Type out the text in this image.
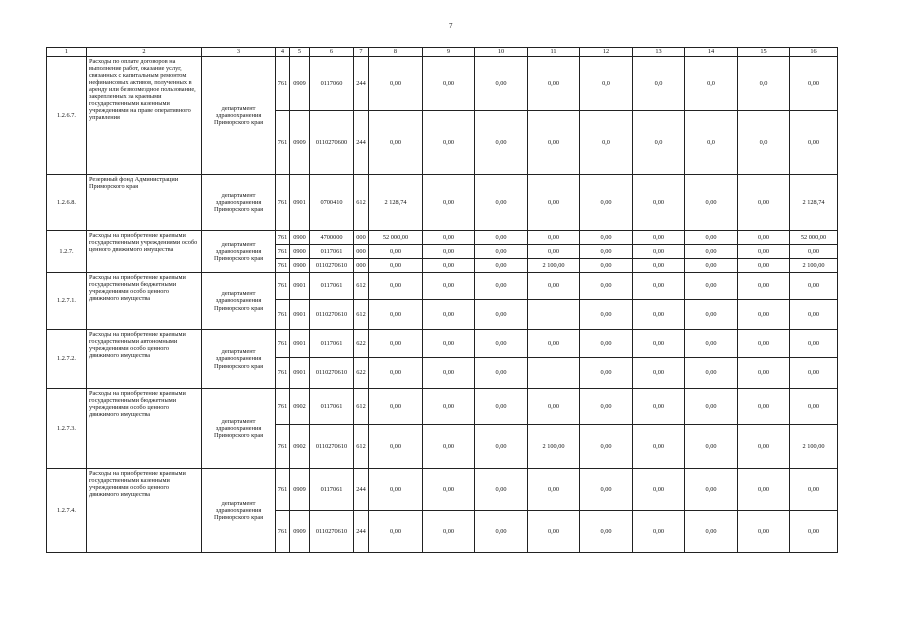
7
1	2	3	4	5	6	7	8	9	10	11	12	13	14	15	16
1.2.6.7.	Расходы по оплате договоров на выполнение работ, оказание услуг, связанных с капитальным ремонтом нефинансовых активов, полученных в аренду или безвозмездное пользование, закрепленных за краевыми государственными казенными учреждениями на праве оперативного управления	департамент здравоохранения Приморского края	761	0909	0117060	244	0,00	0,00	0,00	0,00	0,0	0,0	0,0	0,0	0,00
			761	0909	0110270600	244	0,00	0,00	0,00	0,00	0,0	0,0	0,0	0,0	0,00
1.2.6.8.	Резервный фонд Администрации Приморского края	департамент здравоохранения Приморского края	761	0901	0700410	612	2 128,74	0,00	0,00	0,00	0,00	0,00	0,00	0,00	2 128,74
1.2.7.	Расходы на приобретение краевыми государственными учреждениями особо ценного движимого имущества	департамент здравоохранения Приморского края	761	0900	4700000	000	52 000,00	0,00	0,00	0,00	0,00	0,00	0,00	0,00	52 000,00
			761	0900	0117061	000	0,00	0,00	0,00	0,00	0,00	0,00	0,00	0,00	0,00
			761	0900	0110270610	000	0,00	0,00	0,00	2 100,00	0,00	0,00	0,00	0,00	2 100,00
1.2.7.1.	Расходы на приобретение краевыми государственными бюджетными учреждениями особо ценного движимого имущества	департамент здравоохранения Приморского края	761	0901	0117061	612	0,00	0,00	0,00	0,00	0,00	0,00	0,00	0,00	0,00
			761	0901	0110270610	612	0,00	0,00	0,00		0,00	0,00	0,00	0,00	0,00
1.2.7.2.	Расходы на приобретение краевыми государственными автономными учреждениями особо ценного движимого имущества	департамент здравоохранения Приморского края	761	0901	0117061	622	0,00	0,00	0,00	0,00	0,00	0,00	0,00	0,00	0,00
			761	0901	0110270610	622	0,00	0,00	0,00		0,00	0,00	0,00	0,00	0,00
1.2.7.3.	Расходы на приобретение краевыми государственными бюджетными учреждениями особо ценного движимого имущества	департамент здравоохранения Приморского края	761	0902	0117061	612	0,00	0,00	0,00	0,00	0,00	0,00	0,00	0,00	0,00
			761	0902	0110270610	612	0,00	0,00	0,00	2 100,00	0,00	0,00	0,00	0,00	2 100,00
1.2.7.4.	Расходы на приобретение краевыми государственными казенными учреждениями особо ценного движимого имущества	департамент здравоохранения Приморского края	761	0909	0117061	244	0,00	0,00	0,00	0,00	0,00	0,00	0,00	0,00	0,00
			761	0909	0110270610	244	0,00	0,00	0,00	0,00	0,00	0,00	0,00	0,00	0,00
